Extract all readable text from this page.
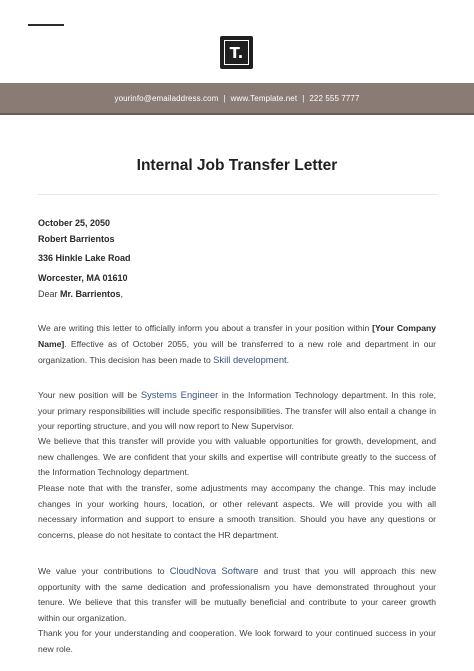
T.
yourinfo@emailaddress.com | www.Template.net | 222 555 7777
Internal Job Transfer Letter
October 25, 2050
Robert Barrientos
336 Hinkle Lake Road
Worcester, MA 01610
Dear Mr. Barrientos,
We are writing this letter to officially inform you about a transfer in your position within [Your Company Name]. Effective as of October 2055, you will be transferred to a new role and department in our organization. This decision has been made to Skill development.
Your new position will be Systems Engineer in the Information Technology department. In this role, your primary responsibilities will include specific responsibilities. The transfer will also entail a change in your reporting structure, and you will now report to New Supervisor.
We believe that this transfer will provide you with valuable opportunities for growth, development, and new challenges. We are confident that your skills and expertise will contribute greatly to the success of the Information Technology department.
Please note that with the transfer, some adjustments may accompany the change. This may include changes in your working hours, location, or other relevant aspects. We will provide you with all necessary information and support to ensure a smooth transition. Should you have any questions or concerns, please do not hesitate to contact the HR department.
We value your contributions to CloudNova Software and trust that you will approach this new opportunity with the same dedication and professionalism you have demonstrated throughout your tenure. We believe that this transfer will be mutually beneficial and contribute to your career growth within our organization.
Thank you for your understanding and cooperation. We look forward to your continued success in your new role.
